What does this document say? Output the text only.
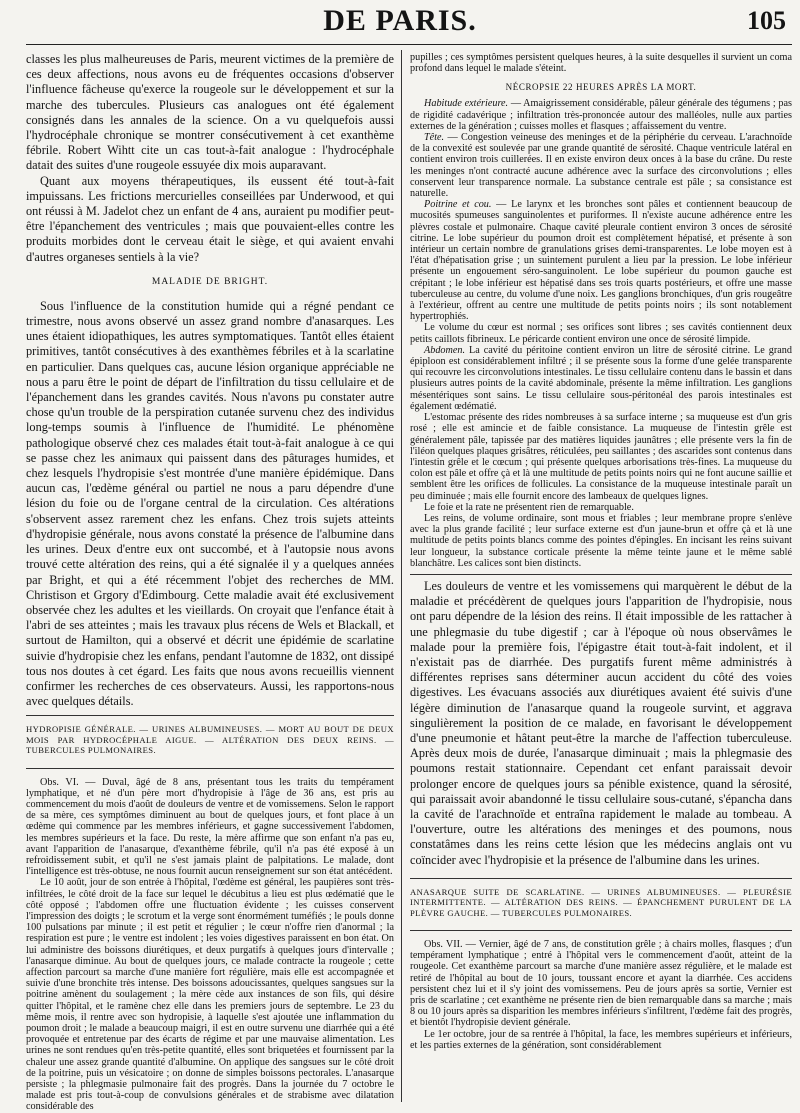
DE PARIS.	105

classes les plus malheureuses de Paris, meurent victimes de la première de ces deux affections, nous avons eu de fréquentes occasions d'observer l'influence fâcheuse qu'exerce la rougeole sur le développement et sur la marche des tubercules. Plusieurs cas analogues ont été également consignés dans les annales de la science. On a vu quelquefois aussi l'hydrocéphale chronique se montrer consécutivement à cet exanthème fébrile. Robert Wihtt cite un cas tout-à-fait analogue : l'hydrocéphale datait des suites d'une rougeole essuyée dix mois auparavant.

Quant aux moyens thérapeutiques, ils eussent été tout-à-fait impuissans. Les frictions mercurielles conseillées par Underwood, et qui ont réussi à M. Jadelot chez un enfant de 4 ans, auraient pu modifier peut-être l'épanchement des ventricules ; mais que pouvaient-elles contre les produits morbides dont le cerveau était le siège, et qui avaient envahi d'autres organeses sentiels à la vie?

MALADIE DE BRIGHT.

Sous l'influence de la constitution humide qui a régné pendant ce trimestre, nous avons observé un assez grand nombre d'anasarques. Les unes étaient idiopathiques, les autres symptomatiques. Tantôt elles étaient primitives, tantôt consécutives à des exanthèmes fébriles et à la scarlatine en particulier. Dans quelques cas, aucune lésion organique appréciable ne nous a paru être le point de départ de l'infiltration du tissu cellulaire et de l'épanchement dans les grandes cavités. Nous n'avons pu constater autre chose qu'un trouble de la perspiration cutanée survenu chez des individus long-temps soumis à l'influence de l'humidité. Le phénomène pathologique observé chez ces malades était tout-à-fait analogue à ce qui se passe chez les animaux qui paissent dans des pâturages humides, et chez lesquels l'hydropisie s'est montrée d'une manière épidémique. Dans aucun cas, l'œdème général ou partiel ne nous a paru dépendre d'une lésion du foie ou de l'organe central de la circulation. Ces altérations s'observent assez rarement chez les enfans. Chez trois sujets atteints d'hydropisie générale, nous avons constaté la présence de l'albumine dans les urines. Deux d'entre eux ont succombé, et à l'autopsie nous avons trouvé cette altération des reins, qui a été signalée il y a quelques années par Bright, et qui a été récemment l'objet des recherches de MM. Christison et Grgory d'Edimbourg. Cette maladie avait été exclusivement observée chez les adultes et les vieillards. On croyait que l'enfance était à l'abri de ses atteintes ; mais les travaux plus récens de Wels et Blackall, et surtout de Hamilton, qui a observé et décrit une épidémie de scarlatine suivie d'hydropisie chez les enfans, pendant l'automne de 1832, ont dissipé tous nos doutes à cet égard. Les faits que nous avons recueillis viennent confirmer les recherches de ces observateurs. Aussi, les rapportons-nous avec quelques détails.

HYDROPISIE GÉNÉRALE. — URINES ALBUMINEUSES. — MORT AU BOUT DE DEUX MOIS PAR HYDROCÉPHALE AIGUE. — ALTÉRATION DES DEUX REINS. — TUBERCULES PULMONAIRES.

Obs. VI. — Duval, âgé de 8 ans, présentant tous les traits du tempérament lymphatique, et né d'un père mort d'hydropisie à l'âge de 36 ans, est pris au commencement du mois d'août de douleurs de ventre et de vomissemens. Selon le rapport de sa mère, ces symptômes diminuent au bout de quelques jours, et font place à un œdème qui commence par les membres inférieurs, et gagne successivement l'abdomen, les membres supérieurs et la face. Du reste, la mère affirme que son enfant n'a pas eu, avant l'apparition de l'anasarque, d'exanthème fébrile, qu'il n'a pas été exposé à un refroidissement subit, et qu'il ne s'est jamais plaint de palpitations. Le malade, dont l'intelligence est très-obtuse, ne nous fournit aucun renseignement sur son état antécédent.

Le 10 août, jour de son entrée à l'hôpital, l'œdème est général, les paupières sont très-infiltrées, le côté droit de la face sur lequel le décubitus a lieu est plus œdématié que le côté opposé ; l'abdomen offre une fluctuation évidente ; les cuisses conservent l'impression des doigts ; le scrotum et la verge sont énormément tuméfiés ; le pouls donne 100 pulsations par minute ; il est petit et régulier ; le cœur n'offre rien d'anormal ; la respiration est pure ; le ventre est indolent ; les voies digestives paraissent en bon état. On lui administre des boissons diurétiques, et deux purgatifs à quelques jours d'intervalle ; l'anasarque diminue. Au bout de quelques jours, ce malade contracte la rougeole ; cette affection parcourt sa marche d'une manière fort régulière, mais elle est accompagnée et suivie d'une bronchite très intense. Des boissons adoucissantes, quelques sangsues sur la poitrine amènent du soulagement ; la mère cède aux instances de son fils, qui désire quitter l'hôpital, et le ramène chez elle dans les premiers jours de septembre. Le 23 du même mois, il rentre avec son hydropisie, à laquelle s'est ajoutée une inflammation du poumon droit ; le malade a beaucoup maigri, il est en outre survenu une diarrhée qui a été provoquée et entretenue par des écarts de régime et par une mauvaise alimentation. Les urines ne sont rendues qu'en très-petite quantité, elles sont briquetées et fournissent par la chaleur une assez grande quantité d'albumine. On applique des sangsues sur le côté droit de la poitrine, puis un vésicatoire ; on donne de simples boissons pectorales. L'anasarque persiste ; la phlegmasie pulmonaire fait des progrès. Dans la journée du 7 octobre le malade est pris tout-à-coup de convulsions générales et de strabisme avec dilatation considérable des

pupilles ; ces symptômes persistent quelques heures, à la suite desquelles il survient un coma profond dans lequel le malade s'éteint.

NÉCROPSIE 22 HEURES APRÈS LA MORT.

Habitude extérieure. — Amaigrissement considérable, pâleur générale des tégumens ; pas de rigidité cadavérique ; infiltration très-prononcée autour des malléoles, nulle aux parties externes de la génération ; cuisses molles et flasques ; affaissement du ventre.

Tête. — Congestion veineuse des meninges et de la périphérie du cerveau. L'arachnoïde de la convexité est soulevée par une grande quantité de sérosité. Chaque ventricule latéral en contient environ trois cuillerées. Il en existe environ deux onces à la base du crâne. Du reste les meninges n'ont contracté aucune adhérence avec la surface des circonvolutions ; elles conservent leur transparence normale. La substance centrale est pâle ; sa consistance est naturelle.

Poitrine et cou. — Le larynx et les bronches sont pâles et contiennent beaucoup de mucosités spumeuses sanguinolentes et puriformes. Il n'existe aucune adhérence entre les plèvres costale et pulmonaire. Chaque cavité pleurale contient environ 3 onces de sérosité citrine. Le lobe supérieur du poumon droit est complètement hépatisé, et présente à son intérieur un certain nombre de granulations grises demi-transparentes. Le lobe moyen est à l'état d'hépatisation grise ; un suintement purulent a lieu par la pression. Le lobe inférieur présente un engouement séro-sanguinolent. Le lobe supérieur du poumon gauche est crépitant ; le lobe inférieur est hépatisé dans ses trois quarts postérieurs, et offre une masse tuberculeuse au centre, du volume d'une noix. Les ganglions bronchiques, d'un gris rougeâtre à l'extérieur, offrent au centre une multitude de petits points noirs ; ils sont notablement hypertrophiés.

Le volume du cœur est normal ; ses orifices sont libres ; ses cavités contiennent deux petits caillots fibrineux. Le péricarde contient environ une once de sérosité limpide.

Abdomen. La cavité du péritoine contient environ un litre de sérosité citrine. Le grand épiploon est considérablement infiltré ; il se présente sous la forme d'une gelée transparente qui recouvre les circonvolutions intestinales. Le tissu cellulaire contenu dans le bassin et dans plusieurs autres points de la cavité abdominale, présente la même infiltration. Les ganglions mésentériques sont sains. Le tissu cellulaire sous-péritonéal des parois intestinales est également œdématié.

L'estomac présente des rides nombreuses à sa surface interne ; sa muqueuse est d'un gris rosé ; elle est amincie et de faible consistance. La muqueuse de l'intestin grêle est généralement pâle, tapissée par des matières liquides jaunâtres ; elle présente vers la fin de l'iléon quelques plaques grisâtres, réticulées, peu saillantes ; des ascarides sont contenus dans l'intestin grêle et le cœcum ; qui présente quelques arborisations très-fines. La muqueuse du colon est pâle et offre çà et là une multitude de petits points noirs qui ne font aucune saillie et semblent être les orifices de follicules. La consistance de la muqueuse intestinale paraît un peu diminuée ; mais elle fournit encore des lambeaux de quelques lignes.

Le foie et la rate ne présentent rien de remarquable.

Les reins, de volume ordinaire, sont mous et friables ; leur membrane propre s'enlève avec la plus grande facilité ; leur surface externe est d'un jaune-brun et offre çà et là une multitude de petits points blancs comme des pointes d'épingles. En incisant les reins suivant leur longueur, la substance corticale présente la même teinte jaune et le même sablé blanchâtre. Les calices sont bien distincts.

Les douleurs de ventre et les vomissemens qui marquèrent le début de la maladie et précédèrent de quelques jours l'apparition de l'hydropisie, nous ont paru dépendre de la lésion des reins. Il était impossible de les rattacher à une phlegmasie du tube digestif ; car à l'époque où nous observâmes le malade pour la première fois, l'épigastre était tout-à-fait indolent, et il n'existait pas de diarrhée. Des purgatifs furent même administrés à différentes reprises sans déterminer aucun accident du côté des voies digestives. Les évacuans associés aux diurétiques avaient été suivis d'une légère diminution de l'anasarque quand la rougeole survint, et aggrava singulièrement la position de ce malade, en favorisant le développement d'une pneumonie et hâtant peut-être la marche de l'affection tuberculeuse. Après deux mois de durée, l'anasarque diminuait ; mais la phlegmasie des poumons restait stationnaire. Cependant cet enfant paraissait devoir prolonger encore de quelques jours sa pénible existence, quand la sérosité, qui paraissait avoir abandonné le tissu cellulaire sous-cutané, s'épancha dans la cavité de l'arachnoïde et entraîna rapidement le malade au tombeau. A l'ouverture, outre les altérations des meninges et des poumons, nous constatâmes dans les reins cette lésion que les médecins anglais ont vu coïncider avec l'hydropisie et la présence de l'albumine dans les urines.

ANASARQUE SUITE DE SCARLATINE. — URINES ALBUMINEUSES. — PLEURÉSIE INTERMITTENTE. — ALTÉRATION DES REINS. — ÉPANCHEMENT PURULENT DE LA PLÈVRE GAUCHE. — TUBERCULES PULMONAIRES.

Obs. VII. — Vernier, âgé de 7 ans, de constitution grêle ; à chairs molles, flasques ; d'un tempérament lymphatique ; entré à l'hôpital vers le commencement d'août, atteint de la rougeole. Cet exanthème parcourt sa marche d'une manière assez régulière, et le malade est retiré de l'hôpital au bout de 10 jours, toussant encore et ayant la diarrhée. Ces accidens persistent chez lui et il s'y joint des vomissemens. Peu de jours après sa sortie, Vernier est pris de scarlatine ; cet exanthème ne présente rien de bien remarquable dans sa marche ; mais 8 ou 10 jours après sa disparition les membres inférieurs s'infiltrent, l'œdème fait des progrès, et bientôt l'hydropisie devient générale.

Le 1er octobre, jour de sa rentrée à l'hôpital, la face, les membres supérieurs et inférieurs, et les parties externes de la génération, sont considérablement
